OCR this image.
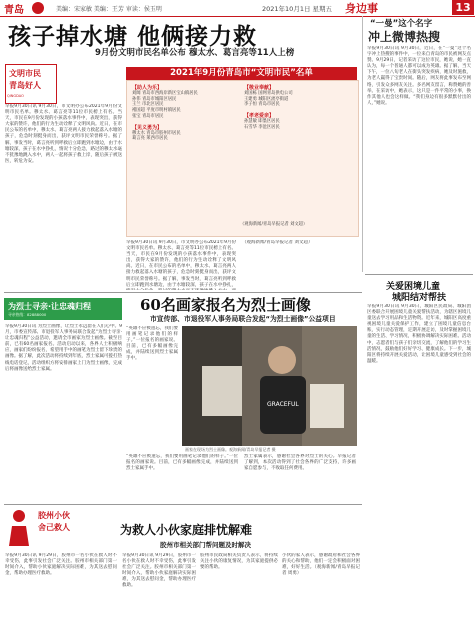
青岛	美编：宋家敏 美编：王芳 审读：侯玉明	2021年10月1日 星期五 身边事	13
孩子掉水塘 他俩接力救
9月份文明市民名单公布 穆太水、葛言亮等11人上榜
文明市民
青岛好人
QINGDAO
早报9月30日讯 9月30日，市文明办公布2021年9月份文明市民名单。穆太水、葛言亮等11位市民榜上有名。当天，市民在9月份发现的小孩落水事件中，表现突出，获得大家的赞许，他们的行为生动诠释了文明风尚。近日，在市民公布的名单中，穆太水、葛言亮两人接力救起落入水塘的孩子，危急时刻挺身而出，获评文明市民荣誉称号。据了解，事发当时，葛言亮听到呼救后立即跑到水塘边，由于水塘较深，孩子在水中挣扎，情况十分危急，路过的穆太水毫不犹豫地跳入水中，两人一起将孩子救上岸，随后孩子被送医，转危为安。
2021年9月份青岛市“文明市民”名单
【助人为乐】
刘阔 青岛市西海岸新区宝山镇居民
孙伟 青岛市城阳区居民
王兰 市北区居民
褚国超 平度市明村镇居民
张宝 青岛市居民
【见义勇为】
穆太水 青岛市胶州市居民
葛言亮 莱西市居民
【敬业奉献】
刘国栋 国网青岛供电公司
王建勇 城阳区流亭街道
李子恒 青岛市居民
【孝老爱亲】
孙慧敏 即墨区居民
石雪华 李沧区居民
（观海新闻/青岛早报记者 刘文超）
早报9月30日讯 9月30日，市文明办公布2021年9月份文明市民名单。穆太水、葛言亮等11位市民榜上有名。当天，市民在9月份发现的小孩落水事件中，表现突出，获得大家的赞许，他们的行为生动诠释了文明风尚。近日，在市民公布的名单中，穆太水、葛言亮两人接力救起落入水塘的孩子，危急时刻挺身而出，获评文明市民荣誉称号。据了解，事发当时，葛言亮听到呼救后立即跑到水塘边，由于水塘较深，孩子在水中挣扎，
（观海新闻/青岛早报记者 刘文超）
“一曼”这个名字
冲上微博热搜
早报9月30日讯 9月30日，近日，在“一曼”这个名字冲上热搜的事件中，一位来自青岛的市民被网友点赞。9月29日，记者采访了这位市民，她说，她一直认为，每一个普通人都可以成为英雄。据了解，当天下午，一位八旬老人在街头突发疾病，她及时施救，为老人赢得了宝贵时间。随后，网友将此事发布至网络，引发众多网友关注。多名网友留言，称赞她的善举。在采访中，她表示，这只是一件平常的小事，换作其他人也会这样做。“我们身边有很多默默付出的人，”她说。
为烈士寻亲·让忠魂归程
寻亲热线：82888000
60名画家报名为烈士画像
市宣传部、市退役军人事务局联合发起“为烈士画像”公益项目
早报9月30日讯 为烈士画像，让烈士永远留在人们心中。9月，市委宣传部、市退役军人事务局联合发起“为烈士寻亲·让忠魂归程”公益活动，邀请全市画家为烈士画像。截至目前，已有60名画家报名。活动启动以来，各界人士积极响应，画家们纷纷报名，希望用手中的画笔为烈士留下珍贵的画像。据了解，此次活动将持续到年底，烈士家属可拨打热线电话登记，活动组织方将安排画家上门为烈士画像，完成后将画像送给烈士家属。
“英雄不应被遗忘，我们要用画笔记录他们的样子。”一位报名的画家说。目前，已有多幅画像完成，并陆续送到烈士家属手中。
GRACEFUL
画家在现场为烈士画像。观海新闻/青岛早报记者 摄
“英雄不应被遗忘，我们要用画笔记录他们的样子。”一位报名的画家说。目前，已有多幅画像完成，并陆续送到烈士家属手中。
烈士家属表示，感谢社会各界对烈士的关心。早报记者了解到，本次活动得到了社会各界的广泛支持，许多画家自愿参与，不收取任何费用。
关爱困境儿童
城阳结对帮扶
早报9月30日讯 9月30日，城阳区民政局、城阳团区委联合开展困境儿童关爱帮扶活动，为辖区困境儿童送去学习用品和生活物资。近年来，城阳区高度重视困境儿童关爱保护工作，建立了困境儿童信息台账，实行动态管理，定期开展走访，及时掌握困境儿童的生活、学习情况，积极协调解决实际困难。活动中，志愿者们与孩子们亲切交流，了解他们的学习生活情况，鼓励他们好好学习、健康成长。下一步，城阳区将持续开展关爱活动，让困境儿童感受到社会的温暖。
胶州小伙
舍己救人
早报9月30日讯 9月29日，胶州市一名小伙在救人时不幸受伤，此事引发社会广泛关注。胶州市相关部门第一时间介入，帮助小伙家庭解决实际困难，为其送去慰问金，帮助办理医疗救助。
为救人小伙家庭排忧解难
胶州市相关部门帮问题及时解决
早报9月30日讯 9月29日，胶州市一名小伙在救人时不幸受伤，此事引发社会广泛关注。胶州市相关部门第一时间介入，帮助小伙家庭解决实际困难，为其送去慰问金，帮助办理医疗救助。
胶州市民政局相关负责人表示，将持续关注小伙的康复情况，为其家庭提供必要的帮助。
小伙的家人表示，感谢政府和社会各界的关心和帮助，他们一定会积极面对困难，好好生活。（观海新闻/青岛早报记者 周勇）
